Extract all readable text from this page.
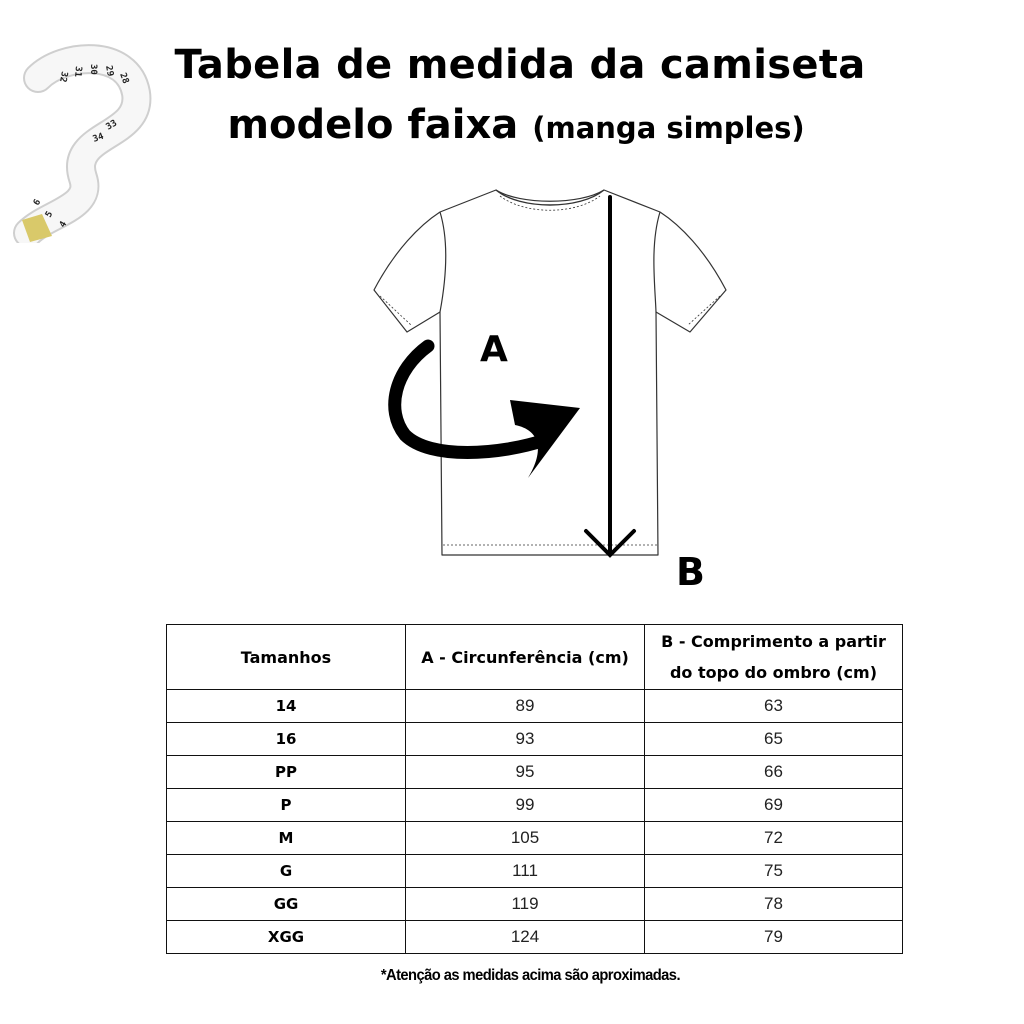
28
29
30
31
32
33
34
6
5
4
Tabela de medida da camiseta
modelo faixa (manga simples)
A
B
Tamanhos	A - Circunferência (cm)	B - Comprimento a partir do topo do ombro (cm)
14	89	63
16	93	65
PP	95	66
P	99	69
M	105	72
G	111	75
GG	119	78
XGG	124	79
*Atenção as medidas acima são aproximadas.
